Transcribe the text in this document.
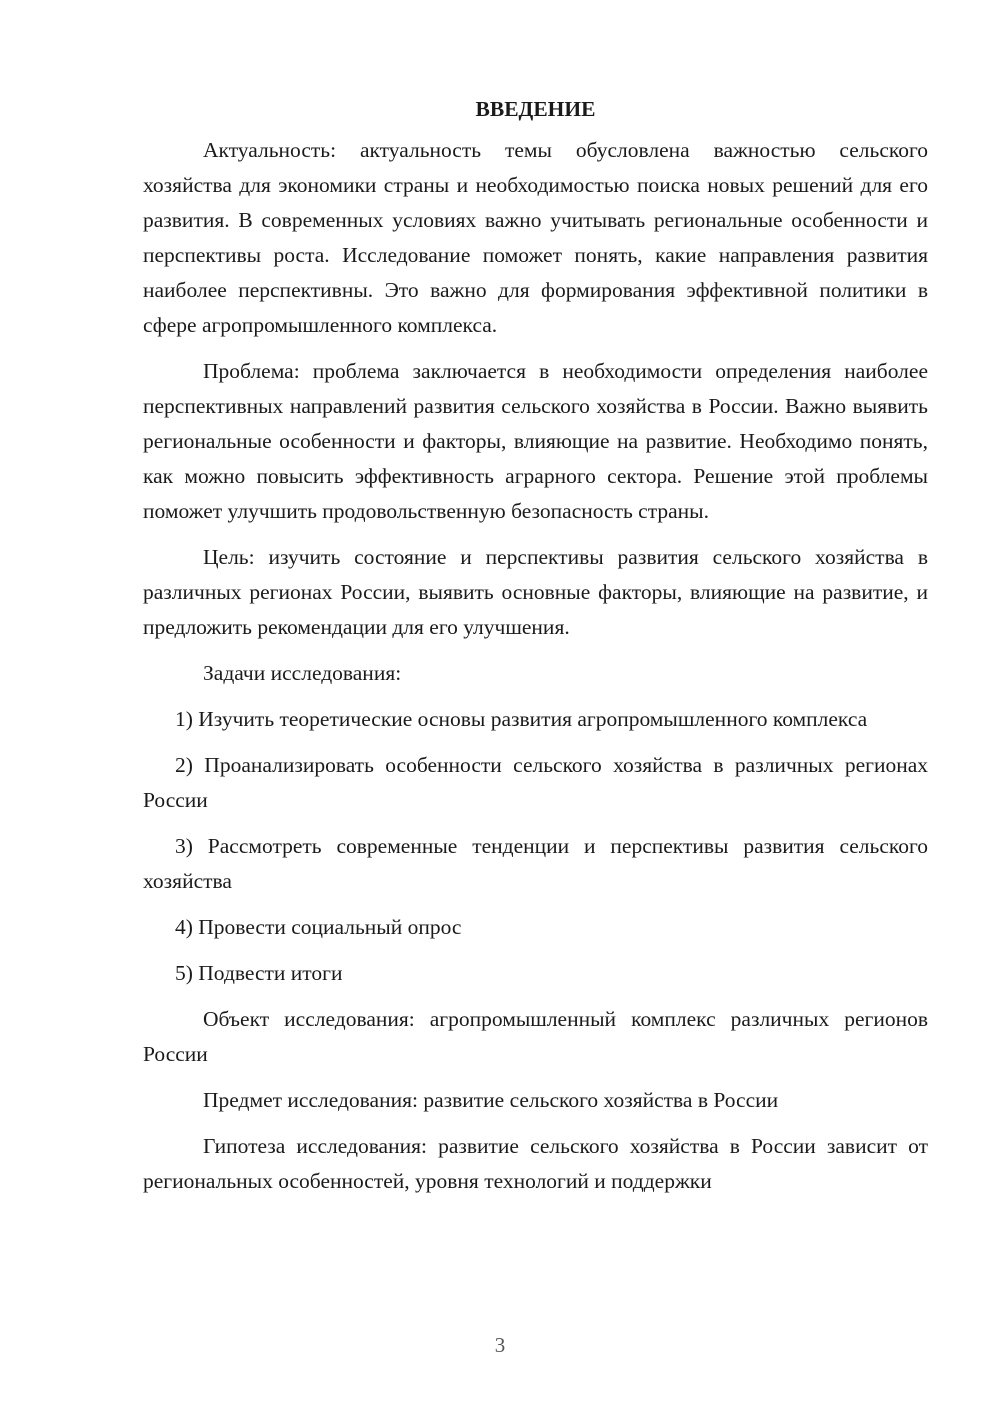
ВВЕДЕНИЕ

Актуальность: актуальность темы обусловлена важностью сельского хозяйства для экономики страны и необходимостью поиска новых решений для его развития. В современных условиях важно учитывать региональные особенности и перспективы роста. Исследование поможет понять, какие направления развития наиболее перспективны. Это важно для формирования эффективной политики в сфере агропромышленного комплекса.

Проблема: проблема заключается в необходимости определения наиболее перспективных направлений развития сельского хозяйства в России. Важно выявить региональные особенности и факторы, влияющие на развитие. Необходимо понять, как можно повысить эффективность аграрного сектора. Решение этой проблемы поможет улучшить продовольственную безопасность страны.

Цель: изучить состояние и перспективы развития сельского хозяйства в различных регионах России, выявить основные факторы, влияющие на развитие, и предложить рекомендации для его улучшения.

Задачи исследования:

1) Изучить теоретические основы развития агропромышленного комплекса

2) Проанализировать особенности сельского хозяйства в различных регионах России

3) Рассмотреть современные тенденции и перспективы развития сельского хозяйства

4) Провести социальный опрос

5) Подвести итоги

Объект исследования: агропромышленный комплекс различных регионов России

Предмет исследования: развитие сельского хозяйства в России

Гипотеза исследования: развитие сельского хозяйства в России зависит от региональных особенностей, уровня технологий и поддержки

3
